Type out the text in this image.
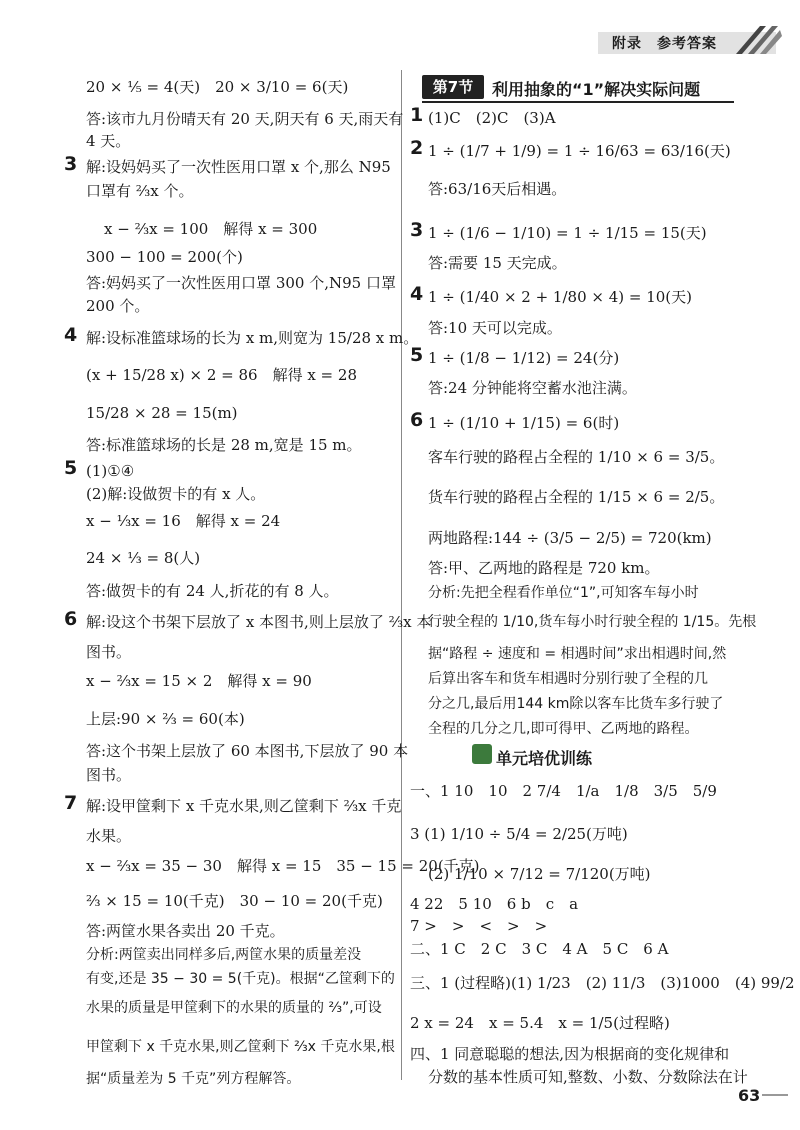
附录　参考答案
20 × ⅕ = 4(天)　20 × 3/10 = 6(天)
答:该市九月份晴天有 20 天,阴天有 6 天,雨天有
4 天。
3 解:设妈妈买了一次性医用口罩 x 个,那么 N95
口罩有 ⅔x 个。
x − ⅔x = 100　解得 x = 300
300 − 100 = 200(个)
答:妈妈买了一次性医用口罩 300 个,N95 口罩
200 个。
4 解:设标准篮球场的长为 x m,则宽为 15/28 x m。
(x + 15/28 x) × 2 = 86　解得 x = 28
15/28 × 28 = 15(m)
答:标准篮球场的长是 28 m,宽是 15 m。
5 (1)①④
(2)解:设做贺卡的有 x 人。
x − ⅓x = 16　解得 x = 24
24 × ⅓ = 8(人)
答:做贺卡的有 24 人,折花的有 8 人。
6 解:设这个书架下层放了 x 本图书,则上层放了 ⅔x 本
图书。
x − ⅔x = 15 × 2　解得 x = 90
上层:90 × ⅔ = 60(本)
答:这个书架上层放了 60 本图书,下层放了 90 本
图书。
7 解:设甲筐剩下 x 千克水果,则乙筐剩下 ⅔x 千克
水果。
x − ⅔x = 35 − 30　解得 x = 15　35 − 15 = 20(千克)
⅔ × 15 = 10(千克)　30 − 10 = 20(千克)
答:两筐水果各卖出 20 千克。
分析:两筐卖出同样多后,两筐水果的质量差没
有变,还是 35 − 30 = 5(千克)。根据“乙筐剩下的
水果的质量是甲筐剩下的水果的质量的 ⅔”,可设
甲筐剩下 x 千克水果,则乙筐剩下 ⅔x 千克水果,根
据“质量差为 5 千克”列方程解答。
第7节	利用抽象的“1”解决实际问题
1 (1)C　(2)C　(3)A
2 1 ÷ (1/7 + 1/9) = 1 ÷ 16/63 = 63/16(天)
答:63/16天后相遇。
3 1 ÷ (1/6 − 1/10) = 1 ÷ 1/15 = 15(天)
答:需要 15 天完成。
4 1 ÷ (1/40 × 2 + 1/80 × 4) = 10(天)
答:10 天可以完成。
5 1 ÷ (1/8 − 1/12) = 24(分)
答:24 分钟能将空蓄水池注满。
6 1 ÷ (1/10 + 1/15) = 6(时)
客车行驶的路程占全程的 1/10 × 6 = 3/5。
货车行驶的路程占全程的 1/15 × 6 = 2/5。
两地路程:144 ÷ (3/5 − 2/5) = 720(km)
答:甲、乙两地的路程是 720 km。
分析:先把全程看作单位“1”,可知客车每小时
行驶全程的 1/10,货车每小时行驶全程的 1/15。先根
据“路程 ÷ 速度和 = 相遇时间”求出相遇时间,然
后算出客车和货车相遇时分别行驶了全程的几
分之几,最后用144 km除以客车比货车多行驶了
全程的几分之几,即可得甲、乙两地的路程。
单元培优训练
一、1 10　10　2 7/4　1/a　1/8　3/5　5/9
3 (1) 1/10 ÷ 5/4 = 2/25(万吨)
(2) 1/10 × 7/12 = 7/120(万吨)
4 22　5 10　6 b　c　a
7 >　>　<　>　>
二、1 C　2 C　3 C　4 A　5 C　6 A
三、1 (过程略)(1) 1/23　(2) 11/3　(3)1000　(4) 99/2
2 x = 24　x = 5.4　x = 1/5(过程略)
四、1 同意聪聪的想法,因为根据商的变化规律和
分数的基本性质可知,整数、小数、分数除法在计
63
